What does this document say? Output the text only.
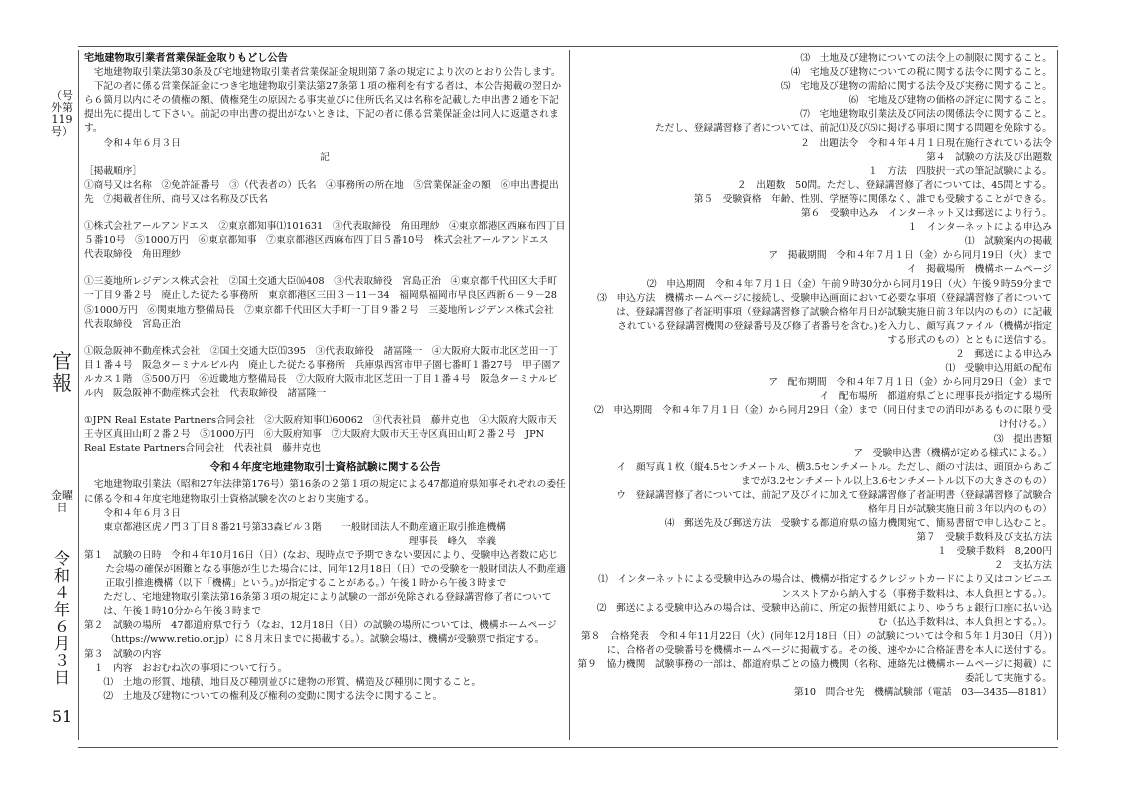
（号外第119号）
官 報
金曜日
令和４年６月３日
51

宅地建物取引業者営業保証金取りもどし公告

宅地建物取引業法第30条及び宅地建物取引業者営業保証金規則第７条の規定により次のとおり公告します。

下記の者に係る営業保証金につき宅地建物取引業法第27条第１項の権利を有する者は、本公告掲載の翌日から６箇月以内にその債権の額、債権発生の原因たる事実並びに住所氏名又は名称を記載した申出書２通を下記提出先に提出して下さい。前記の申出書の提出がないときは、下記の者に係る営業保証金は同人に返還されます。

令和４年６月３日

記

［掲載順序］

①商号又は名称　②免許証番号　③（代表者の）氏名　④事務所の所在地　⑤営業保証金の額　⑥申出書提出先　⑦掲載者住所、商号又は名称及び氏名

①株式会社アールアンドエス　②東京都知事⑴101631　③代表取締役　角田理紗　④東京都港区西麻布四丁目５番10号　⑤1000万円　⑥東京都知事　⑦東京都港区西麻布四丁目５番10号　株式会社アールアンドエス　代表取締役　角田理紗

①三菱地所レジデンス株式会社　②国土交通大臣⒃408　③代表取締役　宮島正治　④東京都千代田区大手町一丁目９番２号　廃止した従たる事務所　東京都港区三田３－11－34　福岡県福岡市早良区西新６－９－28　⑤1000万円　⑥関東地方整備局長　⑦東京都千代田区大手町一丁目９番２号　三菱地所レジデンス株式会社　代表取締役　宮島正治

①阪急阪神不動産株式会社　②国土交通大臣⒂395　③代表取締役　諸冨隆一　④大阪府大阪市北区芝田一丁目１番４号　阪急ターミナルビル内　廃止した従たる事務所　兵庫県西宮市甲子園七番町１番27号　甲子園アルカス１階　⑤500万円　⑥近畿地方整備局長　⑦大阪府大阪市北区芝田一丁目１番４号　阪急ターミナルビル内　阪急阪神不動産株式会社　代表取締役　諸冨隆一

①JPN Real Estate Partners合同会社　②大阪府知事⑴60062　③代表社員　藤井克也　④大阪府大阪市天王寺区真田山町２番２号　⑤1000万円　⑥大阪府知事　⑦大阪府大阪市天王寺区真田山町２番２号　JPN Real Estate Partners合同会社　代表社員　藤井克也

令和４年度宅地建物取引士資格試験に関する公告

宅地建物取引業法（昭和27年法律第176号）第16条の２第１項の規定による47都道府県知事それぞれの委任に係る令和４年度宅地建物取引士資格試験を次のとおり実施する。

令和４年６月３日

東京都港区虎ノ門３丁目８番21号第33森ビル３階　　一般財団法人不動産適正取引推進機構

理事長　峰久　幸義

第１　試験の日時　令和４年10月16日（日）(なお、現時点で予期できない要因により、受験申込者数に応じた会場の確保が困難となる事態が生じた場合には、同年12月18日（日）での受験を一般財団法人不動産適正取引推進機構（以下「機構」という。)が指定することがある。）午後１時から午後３時まで

　ただし、宅地建物取引業法第16条第３項の規定により試験の一部が免除される登録講習修了者については、午後１時10分から午後３時まで

第２　試験の場所　47都道府県で行う（なお、12月18日（日）の試験の場所については、機構ホームページ（https://www.retio.or.jp）に８月末日までに掲載する。）。試験会場は、機構が受験票で指定する。

第３　試験の内容

１　内容　おおむね次の事項について行う。

⑴　土地の形質、地積、地目及び種別並びに建物の形質、構造及び種別に関すること。

⑵　土地及び建物についての権利及び権利の変動に関する法令に関すること。

⑶　土地及び建物についての法令上の制限に関すること。

⑷　宅地及び建物についての税に関する法令に関すること。

⑸　宅地及び建物の需給に関する法令及び実務に関すること。

⑹　宅地及び建物の価格の評定に関すること。

⑺　宅地建物取引業法及び同法の関係法令に関すること。

　ただし、登録講習修了者については、前記⑴及び⑸に掲げる事項に関する問題を免除する。

２　出題法令　令和４年４月１日現在施行されている法令

第４　試験の方法及び出題数

１　方法　四肢択一式の筆記試験による。

２　出題数　50問。ただし、登録講習修了者については、45問とする。

第５　受験資格　年齢、性別、学歴等に関係なく、誰でも受験することができる。

第６　受験申込み　インターネット又は郵送により行う。

１　インターネットによる申込み

⑴　試験案内の掲載

ア　掲載期間　令和４年７月１日（金）から同月19日（火）まで

イ　掲載場所　機構ホームページ

⑵　申込期間　令和４年７月１日（金）午前９時30分から同月19日（火）午後９時59分まで

⑶　申込方法　機構ホームページに接続し、受験申込画面において必要な事項（登録講習修了者については、登録講習修了者証明事項（登録講習修了試験合格年月日が試験実施日前３年以内のもの）に記載されている登録講習機関の登録番号及び修了者番号を含む。)を入力し、顔写真ファイル（機構が指定する形式のもの）とともに送信する。

２　郵送による申込み

⑴　受験申込用紙の配布

ア　配布期間　令和４年７月１日（金）から同月29日（金）まで

イ　配布場所　都道府県ごとに理事長が指定する場所

⑵　申込期間　令和４年７月１日（金）から同月29日（金）まで（同日付までの消印があるものに限り受け付ける。）

⑶　提出書類

ア　受験申込書（機構が定める様式による。）

イ　顔写真１枚（縦4.5センチメートル、横3.5センチメートル。ただし、顔の寸法は、頭頂からあごまでが3.2センチメートル以上3.6センチメートル以下の大きさのもの）

ウ　登録講習修了者については、前記ア及びイに加えて登録講習修了者証明書（登録講習修了試験合格年月日が試験実施日前３年以内のもの）

⑷　郵送先及び郵送方法　受験する都道府県の協力機関宛て、簡易書留で申し込むこと。

第７　受験手数料及び支払方法

１　受験手数料　8,200円

２　支払方法

⑴　インターネットによる受験申込みの場合は、機構が指定するクレジットカードにより又はコンビニエンスストアから納入する（事務手数料は、本人負担とする。）。

⑵　郵送による受験申込みの場合は、受験申込前に、所定の振替用紙により、ゆうちょ銀行口座に払い込む（払込手数料は、本人負担とする。）。

第８　合格発表　令和４年11月22日（火）(同年12月18日（日）の試験については令和５年１月30日（月）)に、合格者の受験番号を機構ホームページに掲載する。その後、速やかに合格証書を本人に送付する。

第９　協力機関　試験事務の一部は、都道府県ごとの協力機関（名称、連絡先は機構ホームページに掲載）に委託して実施する。

第10　問合せ先　機構試験部（電話　03―3435―8181）
